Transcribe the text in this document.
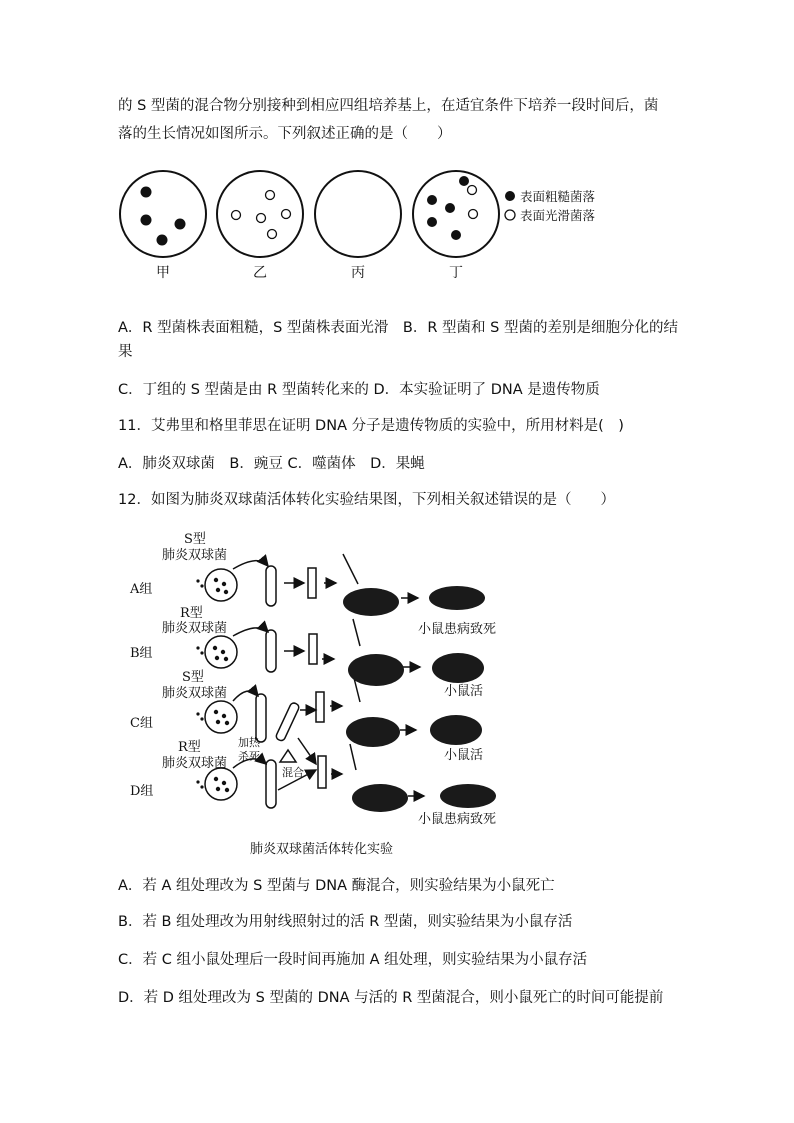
的 S 型菌的混合物分别接种到相应四组培养基上，在适宜条件下培养一段时间后，菌
落的生长情况如图所示。下列叙述正确的是（　　）
表面粗糙菌落
表面光滑菌落
甲	乙	丙	丁
A．R 型菌株表面粗糙，S 型菌株表面光滑　B．R 型菌和 S 型菌的差别是细胞分化的结
果
C．丁组的 S 型菌是由 R 型菌转化来的 D．本实验证明了 DNA 是遗传物质
11．艾弗里和格里菲思在证明 DNA 分子是遗传物质的实验中，所用材料是(　)
A．肺炎双球菌　B．豌豆 C．噬菌体　D．果蝇
12．如图为肺炎双球菌活体转化实验结果图，下列相关叙述错误的是（　　）
S型
肺炎双球菌
A组
R型
肺炎双球菌	小鼠患病致死
B组
S型
肺炎双球菌	小鼠活
C组
R型	加热杀死
肺炎双球菌
小鼠活
混合
D组
小鼠患病致死
肺炎双球菌活体转化实验
A．若 A 组处理改为 S 型菌与 DNA 酶混合，则实验结果为小鼠死亡
B．若 B 组处理改为用射线照射过的活 R 型菌，则实验结果为小鼠存活
C．若 C 组小鼠处理后一段时间再施加 A 组处理，则实验结果为小鼠存活
D．若 D 组处理改为 S 型菌的 DNA 与活的 R 型菌混合，则小鼠死亡的时间可能提前
